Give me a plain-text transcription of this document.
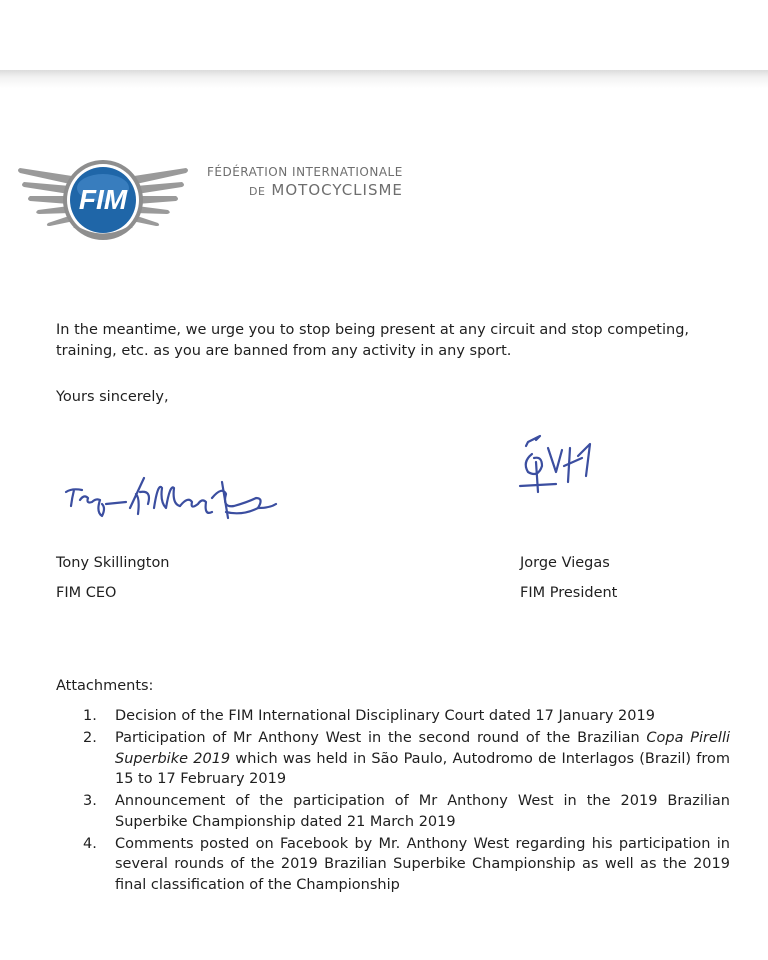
FIM
FÉDÉRATION INTERNATIONALE
DE MOTOCYCLISME
In the meantime, we urge you to stop being present at any circuit and stop competing, training, etc. as you are banned from any activity in any sport.
Yours sincerely,
Tony Skillington
FIM CEO
Jorge Viegas
FIM President
Attachments:
1. Decision of the FIM International Disciplinary Court dated 17 January 2019
2. Participation of Mr Anthony West in the second round of the Brazilian Copa Pirelli Superbike 2019 which was held in São Paulo, Autodromo de Interlagos (Brazil) from 15 to 17 February 2019
3. Announcement of the participation of Mr Anthony West in the 2019 Brazilian Superbike Championship dated 21 March 2019
4. Comments posted on Facebook by Mr. Anthony West regarding his participation in several rounds of the 2019 Brazilian Superbike Championship as well as the 2019 final classification of the Championship
